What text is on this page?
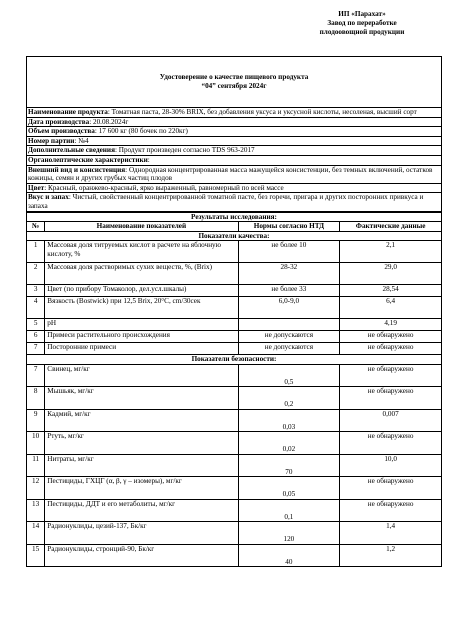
ИП «Парахат»
Завод по переработке
плодоовощной продукции
Удостоверение о качестве пищевого продукта
“04” сентября 2024г

Наименование продукта: Томатная паста, 28-30% BRIX, без добавления уксуса и уксусной кислоты, несоленая, высший сорт
Дата производства: 20.08.2024г
Объем производства: 17 600 кг (80 бочек по 220кг)
Номер партии: №4
Дополнительные сведения: Продукт произведен согласно TDS 963-2017
Органолептические характеристики:
Внешний вид и консистенция: Однородная концентрированная масса мажущейся консистенции, без темных включений, остатков кожицы, семян и других грубых частиц плодов
Цвет: Красный, оранжево-красный, ярко выраженный, равномерный по всей массе
Вкус и запах: Чистый, свойственный концентрированной томатной пасте, без горечи, пригара и других посторонних привкуса и запаха
Результаты исследования:			
№	Наименование показателей	Нормы согласно НТД	Фактические данные
Показатели качества:			
1	Массовая доля титруемых кислот в расчете на яблочную кислоту, %	не более 10	2,1
2	Массовая доля растворимых сухих веществ, %, (Brix)	28-32	29,0
3	Цвет (по прибору Томаколор, дел.усл.шкалы)	не более 33	28,54
4	Вязкость (Bostwick) при 12,5 Brix, 20°С, cm/30сек	6,0-9,0	6,4
5	pH		4,19
6	Примеси растительного происхождения	не допускаются	не обнаружено
7	Посторонние примеси	не допускаются	не обнаружено
Показатели безопасности:			
7	Свинец, мг/кг	0,5	не обнаружено
8	Мышьяк, мг/кг	0,2	не обнаружено
9	Кадмий, мг/кг	0,03	0,007
10	Ртуть, мг/кг	0,02	не обнаружено
11	Нитраты, мг/кг	70	10,0
12	Пестициды, ГХЦГ (α, β, γ – изомеры), мг/кг	0,05	не обнаружено
13	Пестициды, ДДТ и его метаболиты, мг/кг	0,1	не обнаружено
14	Радионуклиды, цезий-137, Бк/кг	120	1,4
15	Радионуклиды, стронций-90, Бк/кг	40	1,2
